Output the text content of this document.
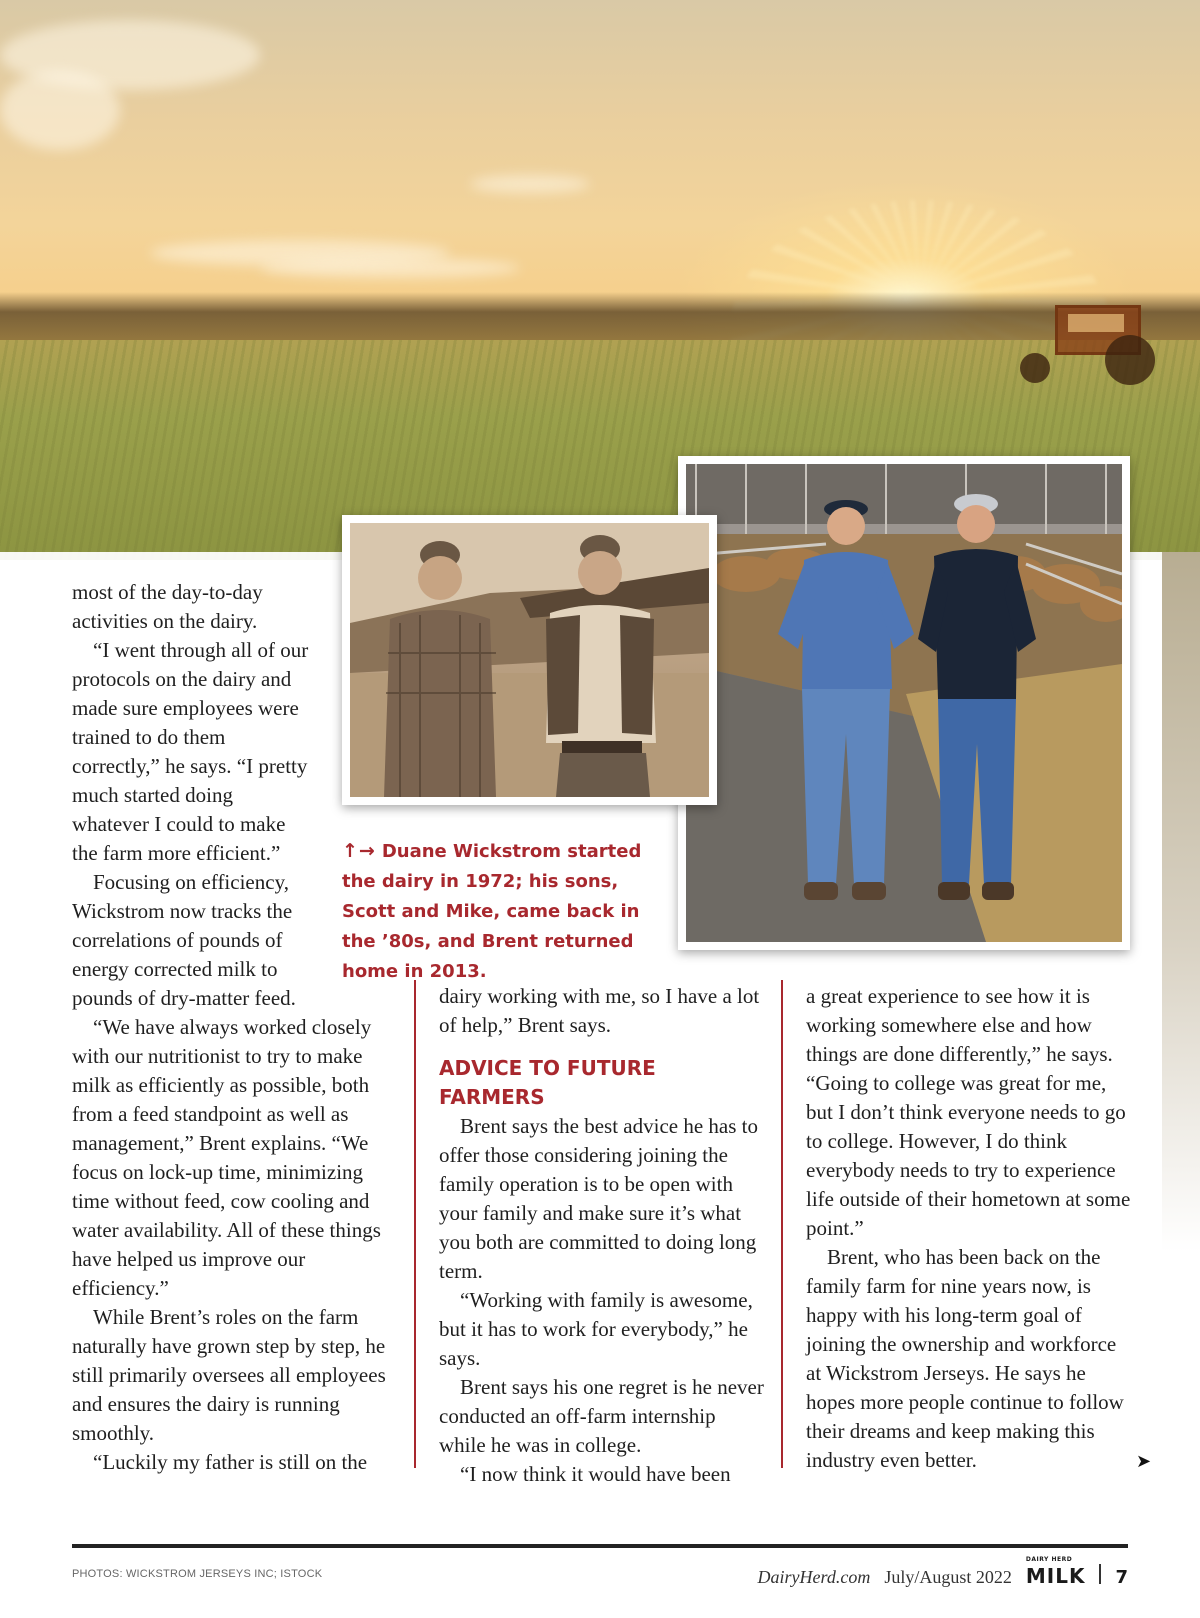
↑→ Duane Wickstrom started the dairy in 1972; his sons, Scott and Mike, came back in the ’80s, and Brent returned home in 2013.

most of the day-to-day activities on the dairy.

“I went through all of our protocols on the dairy and made sure employees were trained to do them correctly,” he says. “I pretty much started doing whatever I could to make the farm more efficient.”

Focusing on efficiency, Wickstrom now tracks the correlations of pounds of energy corrected milk to pounds of dry-matter feed.

“We have always worked closely with our nutritionist to try to make milk as efficiently as possible, both from a feed standpoint as well as management,” Brent explains. “We focus on lock-up time, minimizing time without feed, cow cooling and water availability. All of these things have helped us improve our efficiency.”

While Brent’s roles on the farm naturally have grown step by step, he still primarily oversees all employees and ensures the dairy is running smoothly.

“Luckily my father is still on the

dairy working with me, so I have a lot of help,” Brent says.

ADVICE TO FUTURE FARMERS

Brent says the best advice he has to offer those considering joining the family operation is to be open with your family and make sure it’s what you both are committed to doing long term.

“Working with family is awesome, but it has to work for everybody,” he says.

Brent says his one regret is he never conducted an off-farm internship while he was in college.

“I now think it would have been

a great experience to see how it is working somewhere else and how things are done differently,” he says. “Going to college was great for me, but I don’t think everyone needs to go to college. However, I do think everybody needs to try to experience life outside of their hometown at some point.”

Brent, who has been back on the family farm for nine years now, is happy with his long-term goal of joining the ownership and workforce at Wickstrom Jerseys. He says he hopes more people continue to follow their dreams and keep making this industry even better.	➤
PHOTOS: WICKSTROM JERSEYS INC; ISTOCK	DairyHerd.com July/August 2022
DAIRY HERD
MILK 7
